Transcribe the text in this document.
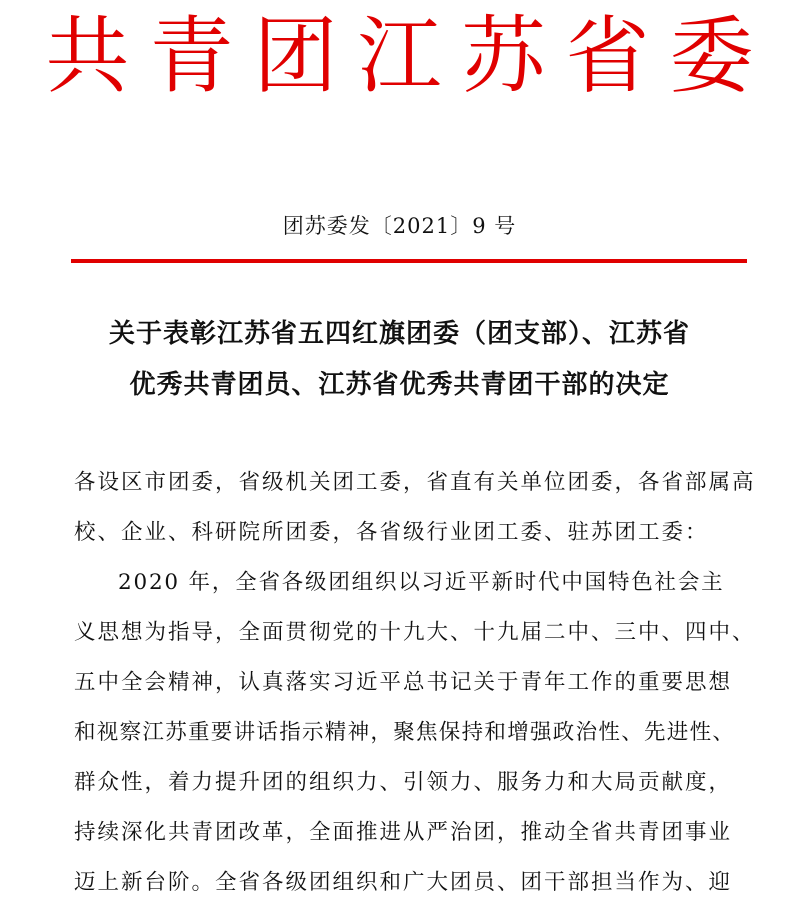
共青团江苏省委
团苏委发〔2021〕9 号
关于表彰江苏省五四红旗团委（团支部）、江苏省
优秀共青团员、江苏省优秀共青团干部的决定
各设区市团委，省级机关团工委，省直有关单位团委，各省部属高
校、企业、科研院所团委，各省级行业团工委、驻苏团工委：
2020 年，全省各级团组织以习近平新时代中国特色社会主
义思想为指导，全面贯彻党的十九大、十九届二中、三中、四中、
五中全会精神，认真落实习近平总书记关于青年工作的重要思想
和视察江苏重要讲话指示精神，聚焦保持和增强政治性、先进性、
群众性，着力提升团的组织力、引领力、服务力和大局贡献度，
持续深化共青团改革，全面推进从严治团，推动全省共青团事业
迈上新台阶。全省各级团组织和广大团员、团干部担当作为、迎
